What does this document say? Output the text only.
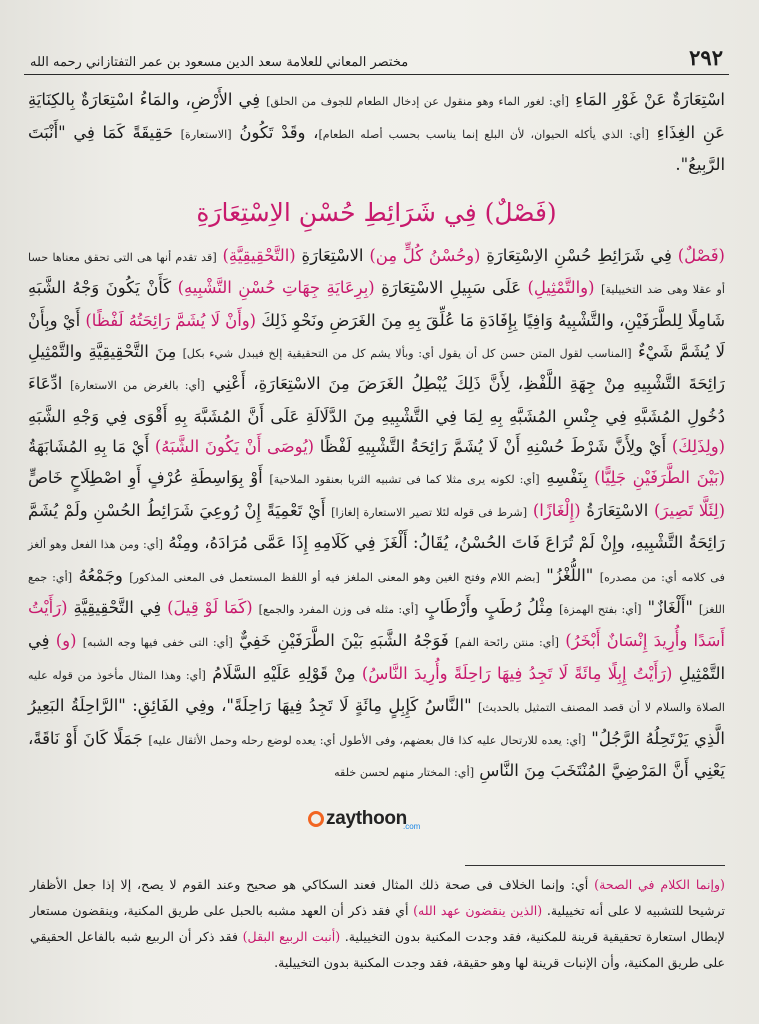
٢٩٢
مختصر المعاني للعلامة سعد الدين مسعود بن عمر التفتازاني رحمه الله

اسْتِعَارَةٌ عَنْ غَوْرِ المَاءِ [أي: لغور الماء وهو منقول عن إدخال الطعام للجوف من الحلق] فِي الأَرْضِ، والمَاءُ اسْتِعَارَةٌ بِالكِنَايَةِ عَنِ الغِذَاءِ [أي: الذي يأكله الحيوان، لأن البلع إنما يناسب بحسب أصله الطعام]، وقَدْ تَكُونُ [الاستعارة] حَقِيقَةً كَمَا فِي "أَنْبَتَ الرَّبِيعُ".

(فَصْلٌ) فِي شَرَائِطِ حُسْنِ الاِسْتِعَارَةِ

(فَصْلٌ) فِي شَرَائِطِ حُسْنِ الاِسْتِعَارَةِ (وحُسْنُ كُلٍّ مِن) الاسْتِعَارَةِ (التَّحْقِيقِيَّةِ) [قد تقدم أنها هى التى تحقق معناها حسا أو عقلا وهى ضد التخييلية] (والتَّمْثِيلِ) عَلَى سَبِيلِ الاسْتِعَارَةِ (بِرِعَايَةِ جِهَاتِ حُسْنِ التَّشْبِيهِ) كَأَنْ يَكُونَ وَجْهُ الشَّبَهِ شَامِلًا لِلطَّرَفَيْنِ، والتَّشْبِيهُ وَافِيًا بِإِفَادَةِ مَا عُلِّقَ بِهِ مِنَ الغَرَضِ ونَحْوِ ذَلِكَ (وأَنْ لَا يُشَمَّ رَائِحَتُهُ لَفْظًا) أَيْ وبِأَنْ لَا يُشَمَّ شَيْءٌ [المناسب لقول المتن حسن كل أن يقول أي: وبألا يشم كل من التحقيقية إلخ فيبدل شيء بكل] مِنَ التَّحْقِيقِيَّةِ والتَّمْثِيلِ رَائِحَةَ التَّشْبِيهِ مِنْ جِهَةِ اللَّفْظِ، لِأَنَّ ذَلِكَ يُبْطِلُ الغَرَضَ مِنَ الاسْتِعَارَةِ، أَعْنِي [أي: بالغرض من الاستعارة] ادِّعَاءَ دُخُولِ المُشَبَّهِ فِي جِنْسِ المُشَبَّهِ بِهِ لِمَا فِي التَّشْبِيهِ مِنَ الدَّلَالَةِ عَلَى أَنَّ المُشَبَّهَ بِهِ أَقْوَى فِي وَجْهِ الشَّبَهِ (ولِذَلِكَ) أَيْ ولِأَنَّ شَرْطَ حُسْنِهِ أَنْ لَا يُشَمَّ رَائِحَةُ التَّشْبِيهِ لَفْظًا (يُوصَى أَنْ يَكُونَ الشَّبَهُ) أَيْ مَا بِهِ المُشَابَهَةُ (بَيْنَ الطَّرَفَيْنِ جَلِيًّا) بِنَفْسِهِ [أي: لكونه يرى مثلا كما فى تشبيه الثريا بعنقود الملاحية] أَوْ بِوَاسِطَةِ عُرْفٍ أَوِ اصْطِلَاحٍ خَاصٍّ (لِئَلَّا تَصِيرَ) الاسْتِعَارَةُ (إِلْغَازًا) [شرط فى قوله لئلا تصير الاستعارة إلغازا] أَيْ تَعْمِيَةً إِنْ رُوعِيَ شَرَائِطُ الحُسْنِ ولَمْ يُشَمَّ رَائِحَةُ التَّشْبِيهِ، وإِنْ لَمْ تُرَاعَ فَاتَ الحُسْنُ، يُقَالُ: أَلْغَزَ فِي كَلَامِهِ إِذَا عَمَّى مُرَادَهُ، ومِنْهُ [أي: ومن هذا الفعل وهو ألغز فى كلامه أي: من مصدره] "اللُّغْزُ" [بضم اللام وفتح الغين وهو المعنى الملغز فيه أو اللفظ المستعمل فى المعنى المذكور] وجَمْعُهُ [أي: جمع اللغز] "أَلْغَازٌ" [أي: بفتح الهمزة] مِثْلُ رُطَبٍ وأَرْطَابٍ [أي: مثله فى وزن المفرد والجمع] (كَمَا لَوْ قِيلَ) فِي التَّحْقِيقِيَّةِ (رَأَيْتُ أَسَدًا وأُرِيدَ إِنْسَانٌ أَبْخَرُ) [أي: منتن رائحة الفم] فَوَجْهُ الشَّبَهِ بَيْنَ الطَّرَفَيْنِ خَفِيٌّ [أي: التى خفى فيها وجه الشبه] (و) فِي التَّمْثِيلِ (رَأَيْتُ إِبِلًا مِائَةً لَا تَجِدُ فِيهَا رَاحِلَةً وأُرِيدَ النَّاسُ) مِنْ قَوْلِهِ عَلَيْهِ السَّلَامُ [أي: وهذا المثال مأخوذ من قوله عليه الصلاة والسلام لا أن قصد المصنف التمثيل بالحديث] "النَّاسُ كَإِبِلٍ مِائَةٍ لَا تَجِدُ فِيهَا رَاحِلَةً"، وفِي الفَائِقِ: "الرَّاحِلَةُ البَعِيرُ الَّذِي يَرْتَحِلُهُ الرَّجُلُ" [أي: يعده للارتحال عليه كذا قال بعضهم، وفى الأطول أي: يعده لوضع رحله وحمل الأثقال عليه] جَمَلًا كَانَ أَوْ نَاقَةً، يَعْنِي أَنَّ المَرْضِيَّ المُنْتَخَبَ مِنَ النَّاسِ [أي: المختار منهم لحسن خلقه

zaythoon
.com

(وإنما الكلام في الصحة) أي: وإنما الخلاف فى صحة ذلك المثال فعند السكاكي هو صحيح وعند القوم لا يصح، إلا إذا جعل الأظفار ترشيحا للتشبيه لا على أنه تخييلية. (الذين ينقضون عهد الله) أي فقد ذكر أن العهد مشبه بالحبل على طريق المكنية، وينقضون مستعار لإبطال استعارة تحقيقية قرينة للمكنية، فقد وجدت المكنية بدون التخييلية. (أنبت الربيع البقل) فقد ذكر أن الربيع شبه بالفاعل الحقيقي على طريق المكنية، وأن الإنبات قرينة لها وهو حقيقة، فقد وجدت المكنية بدون التخييلية.
